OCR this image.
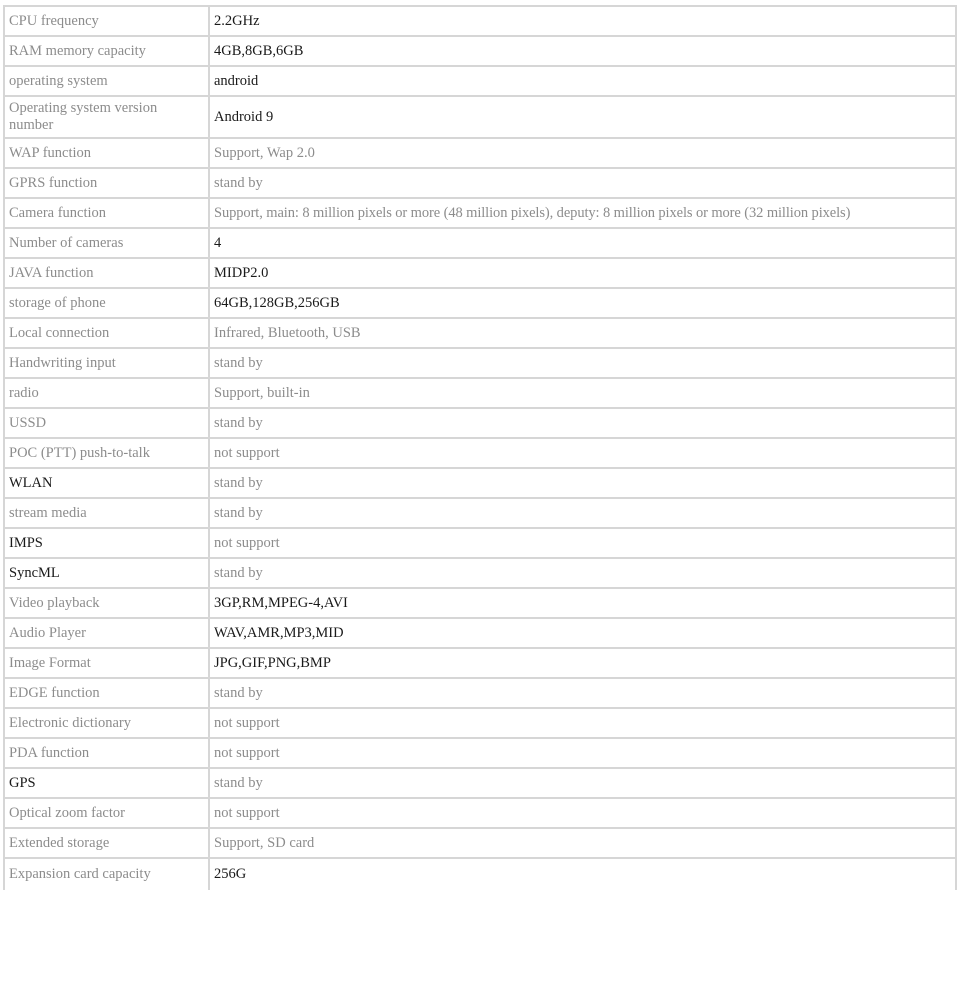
CPU frequency	2.2GHz
RAM memory capacity	4GB,8GB,6GB
operating system	android
Operating system version number	Android 9
WAP function	Support, Wap 2.0
GPRS function	stand by
Camera function	Support, main: 8 million pixels or more (48 million pixels), deputy: 8 million pixels or more (32 million pixels)
Number of cameras	4
JAVA function	MIDP2.0
storage of phone	64GB,128GB,256GB
Local connection	Infrared, Bluetooth, USB
Handwriting input	stand by
radio	Support, built-in
USSD	stand by
POC (PTT) push-to-talk	not support
WLAN	stand by
stream media	stand by
IMPS	not support
SyncML	stand by
Video playback	3GP,RM,MPEG-4,AVI
Audio Player	WAV,AMR,MP3,MID
Image Format	JPG,GIF,PNG,BMP
EDGE function	stand by
Electronic dictionary	not support
PDA function	not support
GPS	stand by
Optical zoom factor	not support
Extended storage	Support, SD card
Expansion card capacity	256G
